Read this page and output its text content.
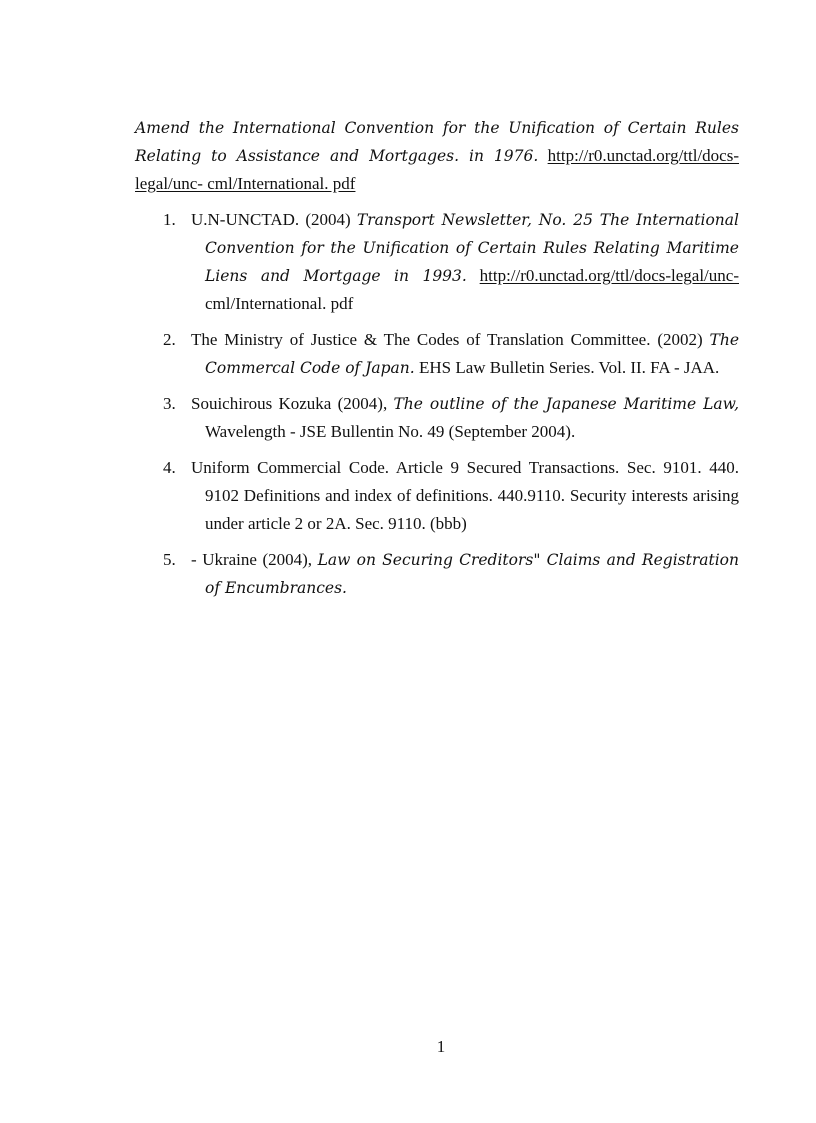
Amend the International Convention for the Unification of Certain Rules Relating to Assistance and Mortgages. in 1976. http://r0.unctad.org/ttl/docs-legal/unc- cml/International. pdf

1. U.N-UNCTAD. (2004) Transport Newsletter, No. 25 The International Convention for the Unification of Certain Rules Relating Maritime Liens and Mortgage in 1993. http://r0.unctad.org/ttl/docs-legal/unc- cml/International. pdf

2. The Ministry of Justice & The Codes of Translation Committee. (2002) The Commercal Code of Japan. EHS Law Bulletin Series. Vol. II. FA - JAA.

3. Souichirous Kozuka (2004), The outline of the Japanese Maritime Law, Wavelength - JSE Bullentin No. 49 (September 2004).

4. Uniform Commercial Code. Article 9 Secured Transactions. Sec. 9101. 440. 9102 Definitions and index of definitions. 440.9110. Security interests arising under article 2 or 2A. Sec. 9110. (bbb)

5. - Ukraine (2004), Law on Securing Creditors" Claims and Registration of Encumbrances.

1
